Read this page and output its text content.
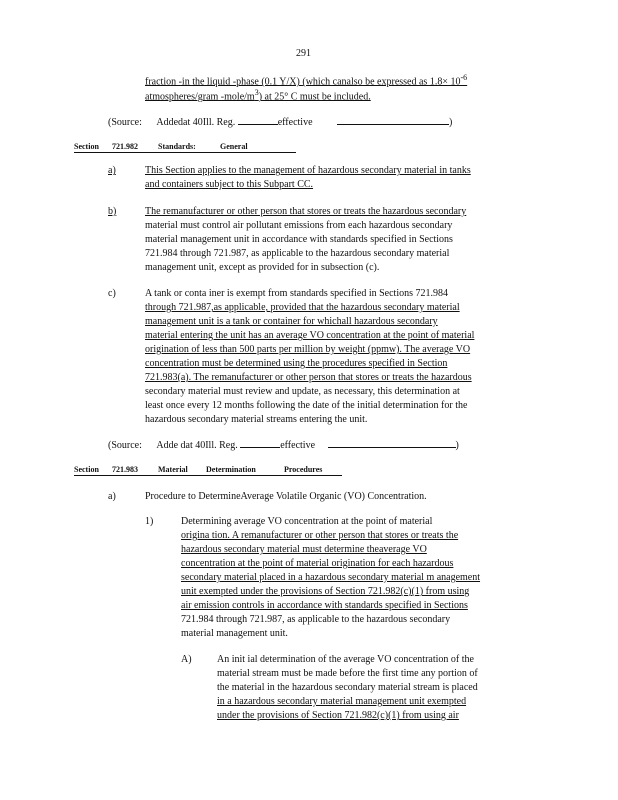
291
fraction -in the liquid -phase (0.1 Y/X) (which canalso be expressed as $1.8\times 10^{-6}$
atmospheres/gram $-mole/m^3$) at 25° C must be included.
(Source: Addedat 40Ill. Reg.	effective	)
Section 721.982	Standards:	General
a)	This Section applies to the management of hazardous secondary material in tanks
and containers subject to this Subpart CC.
b)	The remanufacturer or other person that stores or treats the hazardous secondary
material must control air pollutant emissions from each hazardous secondary
material management unit in accordance with standards specified in Sections
721.984 through 721.987, as applicable to the hazardous secondary material
management unit, except as provided for in subsection (c).
c)	A tank or conta iner is exempt from standards specified in Sections 721.984
through 721.987,as applicable, provided that the hazardous secondary material
management unit is a tank or container for whichall hazardous secondary
material entering the unit has an average VO concentration at the point of material
origination of less than 500 parts per million by weight (ppmw). The average VO
concentration must be determined using the procedures specified in Section
721.983(a). The remanufacturer or other person that stores or treats the hazardous
secondary material must review and update, as necessary, this determination at
least once every 12 months following the date of the initial determination for the
hazardous secondary material streams entering the unit.
(Source: Adde dat 40Ill. Reg.	effective	)
Section 721.983	Material Determination	Procedures
a)	Procedure to DetermineAverage Volatile Organic (VO) Concentration.
1)	Determining average VO concentration at the point of material
origina tion. A remanufacturer or other person that stores or treats the
hazardous secondary material must determine theaverage VO
concentration at the point of material origination for each hazardous
secondary material placed in a hazardous secondary material m anagement
unit exempted under the provisions of Section 721.982(c)(1) from using
air emission controls in accordance with standards specified in Sections
721.984 through 721.987, as applicable to the hazardous secondary
material management unit.
A)	An init ial determination of the average VO concentration of the
material stream must be made before the first time any portion of
the material in the hazardous secondary material stream is placed
in a hazardous secondary material management unit exempted
under the provisions of Section 721.982(c)(1) from using air
